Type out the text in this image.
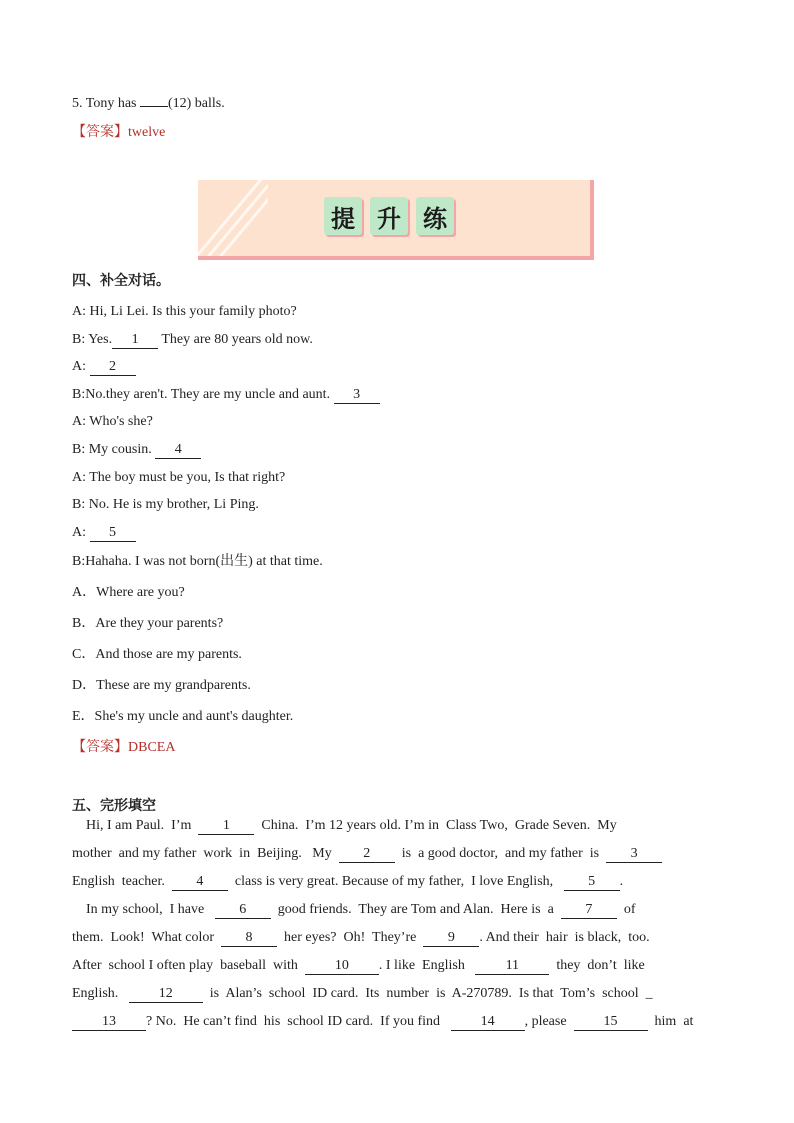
5. Tony has (12) balls.
【答案】twelve
提 升 练
四、补全对话。
A: Hi, Li Lei. Is this your family photo?
B: Yes. 1 They are 80 years old now.
A: 2
B:No.they aren't. They are my uncle and aunt. 3
A: Who's she?
B: My cousin. 4
A: The boy must be you, Is that right?
B: No. He is my brother, Li Ping.
A: 5
B:Hahaha. I was not born(出生) at that time.
A．Where are you?
B．Are they your parents?
C．And those are my parents.
D．These are my grandparents.
E．She's my uncle and aunt's daughter.
【答案】DBCEA
五、完形填空
Hi, I am Paul.  I’m  1  China.  I’m 12 years old. I’m in  Class Two,  Grade Seven.  My
mother  and my father  work  in  Beijing.   My  2  is  a good doctor,  and my father  is  3
English  teacher.  4  class is very great. Because of my father,  I love English,   5 .
In my school,  I have   6  good friends.  They are Tom and Alan.  Here is  a  7  of
them.  Look!  What color  8  her eyes?  Oh!  They’re  9 . And their  hair  is black,  too.
After  school I often play  baseball  with  10 . I like  English   11  they  don’t  like
English.   12  is  Alan’s  school  ID card.  Its  number  is  A-270789.  Is that  Tom’s  school  _
13 ? No.  He can’t find  his  school ID card.  If you find   14 , please  15  him  at
